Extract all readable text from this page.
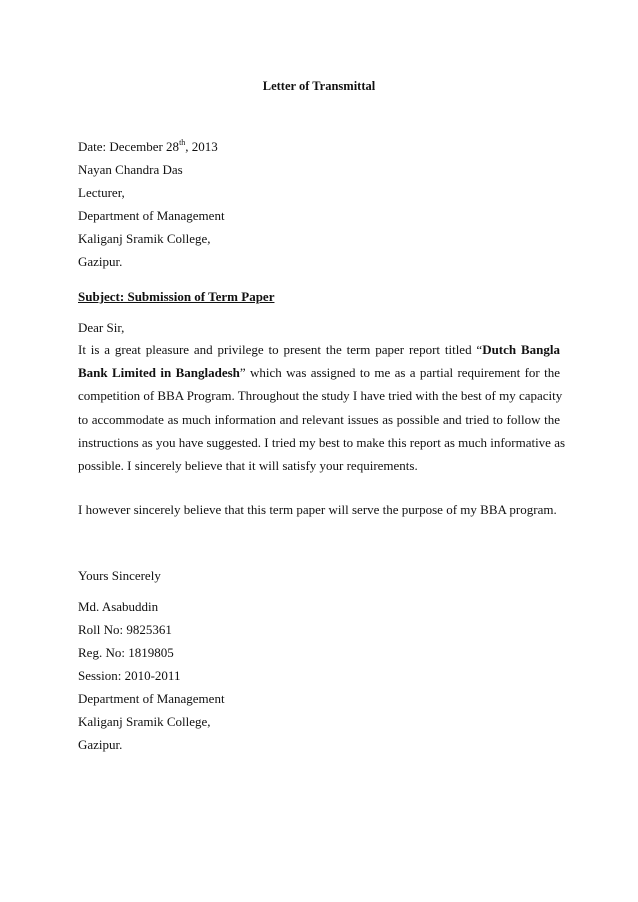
Letter of Transmittal
Date: December 28th, 2013
Nayan Chandra Das
Lecturer,
Department of Management
Kaliganj Sramik College,
Gazipur.
Subject: Submission of Term Paper
Dear Sir,
It is a great pleasure and privilege to present the term paper report titled “Dutch Bangla
Bank Limited in Bangladesh” which was assigned to me as a partial requirement for the
competition of BBA Program. Throughout the study I have tried with the best of my capacity
to accommodate as much information and relevant issues as possible and tried to follow the
instructions as you have suggested. I tried my best to make this report as much informative as
possible. I sincerely believe that it will satisfy your requirements.
I however sincerely believe that this term paper will serve the purpose of my BBA program.
Yours Sincerely
Md. Asabuddin
Roll No: 9825361
Reg. No: 1819805
Session: 2010-2011
Department of Management
Kaliganj Sramik College,
Gazipur.
